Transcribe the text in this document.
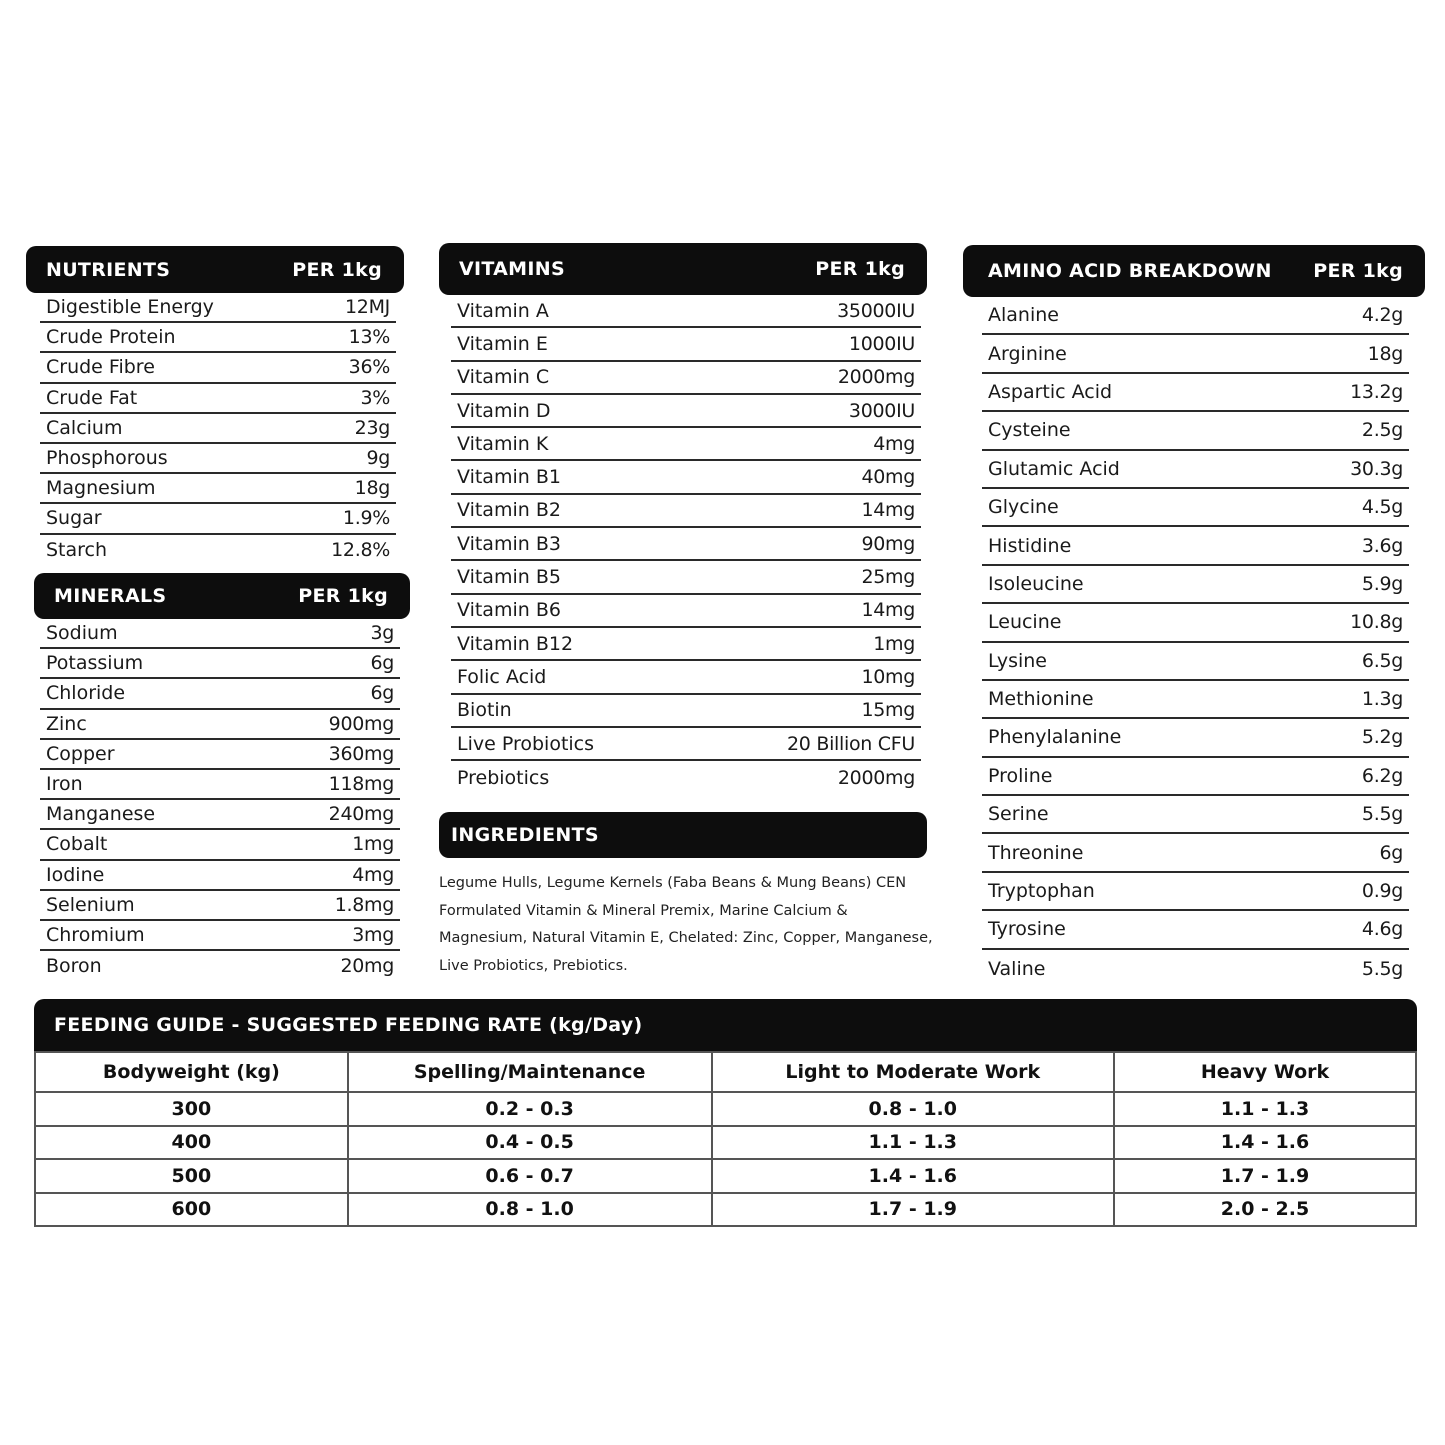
NUTRIENTS	PER 1kg
Digestible Energy	12MJ
Crude Protein	13%
Crude Fibre	36%
Crude Fat	3%
Calcium	23g
Phosphorous	9g
Magnesium	18g
Sugar	1.9%
Starch	12.8%
MINERALS	PER 1kg
Sodium	3g
Potassium	6g
Chloride	6g
Zinc	900mg
Copper	360mg
Iron	118mg
Manganese	240mg
Cobalt	1mg
Iodine	4mg
Selenium	1.8mg
Chromium	3mg
Boron	20mg
VITAMINS	PER 1kg
Vitamin A	35000IU
Vitamin E	1000IU
Vitamin C	2000mg
Vitamin D	3000IU
Vitamin K	4mg
Vitamin B1	40mg
Vitamin B2	14mg
Vitamin B3	90mg
Vitamin B5	25mg
Vitamin B6	14mg
Vitamin B12	1mg
Folic Acid	10mg
Biotin	15mg
Live Probiotics	20 Billion CFU
Prebiotics	2000mg
INGREDIENTS

Legume Hulls, Legume Kernels (Faba Beans & Mung Beans) CEN Formulated Vitamin & Mineral Premix, Marine Calcium & Magnesium, Natural Vitamin E, Chelated: Zinc, Copper, Manganese, Live Probiotics, Prebiotics.

AMINO ACID BREAKDOWN PER 1kg
Alanine	4.2g
Arginine	18g
Aspartic Acid	13.2g
Cysteine	2.5g
Glutamic Acid	30.3g
Glycine	4.5g
Histidine	3.6g
Isoleucine	5.9g
Leucine	10.8g
Lysine	6.5g
Methionine	1.3g
Phenylalanine	5.2g
Proline	6.2g
Serine	5.5g
Threonine	6g
Tryptophan	0.9g
Tyrosine	4.6g
Valine	5.5g
FEEDING GUIDE - SUGGESTED FEEDING RATE (kg/Day)
Bodyweight (kg)	Spelling/Maintenance	Light to Moderate Work	Heavy Work
300	0.2 - 0.3	0.8 - 1.0	1.1 - 1.3
400	0.4 - 0.5	1.1 - 1.3	1.4 - 1.6
500	0.6 - 0.7	1.4 - 1.6	1.7 - 1.9
600	0.8 - 1.0	1.7 - 1.9	2.0 - 2.5
